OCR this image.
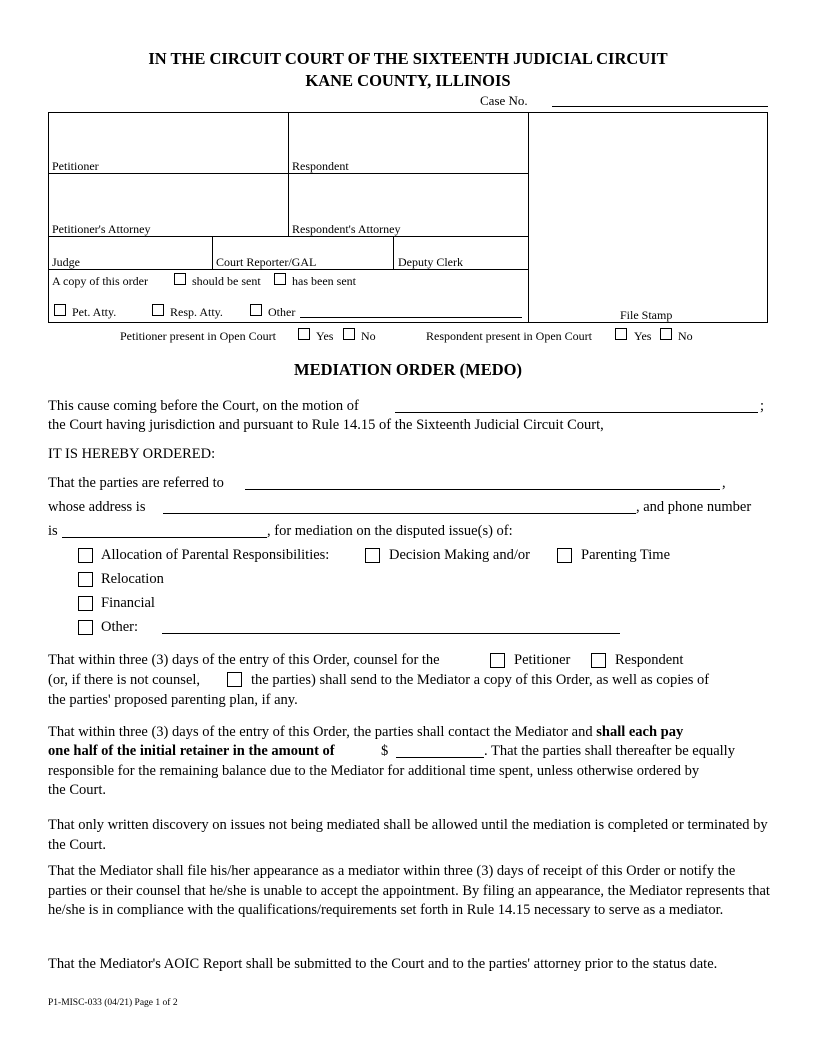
IN THE CIRCUIT COURT OF THE SIXTEENTH JUDICIAL CIRCUIT
KANE COUNTY, ILLINOIS
Case No.
Petitioner	Respondent
Petitioner's Attorney	Respondent's Attorney
Judge	Court Reporter/GAL	Deputy Clerk
A copy of this order	should be sent	has been sent
Pet. Atty.	Resp. Atty.	Other	File Stamp
Petitioner present in Open Court	Yes No	Respondent present in Open Court	Yes No
MEDIATION ORDER (MEDO)
This cause coming before the Court, on the motion of	;
the Court having jurisdiction and pursuant to Rule 14.15 of the Sixteenth Judicial Circuit Court,
IT IS HEREBY ORDERED:
That the parties are referred to	,
whose address is	, and phone number
is	, for mediation on the disputed issue(s) of:
Allocation of Parental Responsibilities:	Decision Making and/or	Parenting Time
Relocation
Financial
Other:
That within three (3) days of the entry of this Order, counsel for the	Petitioner	Respondent
(or, if there is not counsel,	the parties) shall send to the Mediator a copy of this Order, as well as copies of
the parties' proposed parenting plan, if any.
That within three (3) days of the entry of this Order, the parties shall contact the Mediator and shall each pay
one half of the initial retainer in the amount of	$	. That the parties shall thereafter be equally
responsible for the remaining balance due to the Mediator for additional time spent, unless otherwise ordered by
the Court.
That only written discovery on issues not being mediated shall be allowed until the mediation is completed or terminated by the Court.
That the Mediator shall file his/her appearance as a mediator within three (3) days of receipt of this Order or notify the parties or their counsel that he/she is unable to accept the appointment. By filing an appearance, the Mediator represents that he/she is in compliance with the qualifications/requirements set forth in Rule 14.15 necessary to serve as a mediator.
That the Mediator's AOIC Report shall be submitted to the Court and to the parties' attorney prior to the status date.
P1-MISC-033 (04/21) Page 1 of 2
